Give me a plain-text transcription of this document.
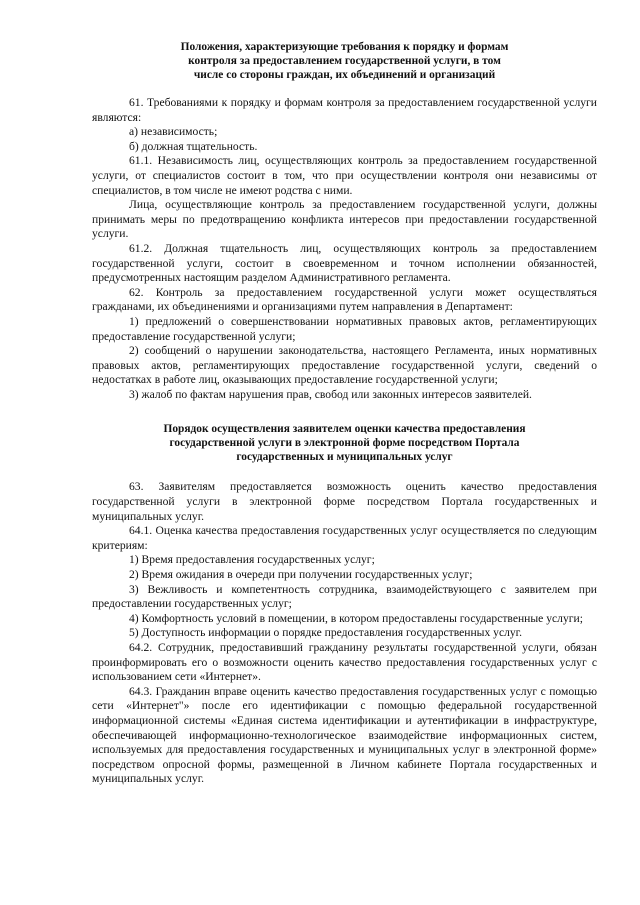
Положения, характеризующие требования к порядку и формам
контроля за предоставлением государственной услуги, в том
числе со стороны граждан, их объединений и организаций

61. Требованиями к порядку и формам контроля за предоставлением государственной услуги являются:

а) независимость;

б) должная тщательность.

61.1. Независимость лиц, осуществляющих контроль за предоставлением государственной услуги, от специалистов состоит в том, что при осуществлении контроля они независимы от специалистов, в том числе не имеют родства с ними.

Лица, осуществляющие контроль за предоставлением государственной услуги, должны принимать меры по предотвращению конфликта интересов при предоставлении государственной услуги.

61.2. Должная тщательность лиц, осуществляющих контроль за предоставлением государственной услуги, состоит в своевременном и точном исполнении обязанностей, предусмотренных настоящим разделом Административного регламента.

62. Контроль за предоставлением государственной услуги может осуществляться гражданами, их объединениями и организациями путем направления в Департамент:

1) предложений о совершенствовании нормативных правовых актов, регламентирующих предоставление государственной услуги;

2) сообщений о нарушении законодательства, настоящего Регламента, иных нормативных правовых актов, регламентирующих предоставление государственной услуги, сведений о недостатках в работе лиц, оказывающих предоставление государственной услуги;

3) жалоб по фактам нарушения прав, свобод или законных интересов заявителей.

Порядок осуществления заявителем оценки качества предоставления
государственной услуги в электронной форме посредством Портала
государственных и муниципальных услуг

63. Заявителям предоставляется возможность оценить качество предоставления государственной услуги в электронной форме посредством Портала государственных и муниципальных услуг.

64.1. Оценка качества предоставления государственных услуг осуществляется по следующим критериям:

1) Время предоставления государственных услуг;

2) Время ожидания в очереди при получении государственных услуг;

3) Вежливость и компетентность сотрудника, взаимодействующего с заявителем при предоставлении государственных услуг;

4) Комфортность условий в помещении, в котором предоставлены государственные услуги;

5) Доступность информации о порядке предоставления государственных услуг.

64.2. Сотрудник, предоставивший гражданину результаты государственной услуги, обязан проинформировать его о возможности оценить качество предоставления государственных услуг с использованием сети «Интернет».

64.3. Гражданин вправе оценить качество предоставления государственных услуг с помощью сети «Интернет"» после его идентификации с помощью федеральной государственной информационной системы «Единая система идентификации и аутентификации в инфраструктуре, обеспечивающей информационно-технологическое взаимодействие информационных систем, используемых для предоставления государственных и муниципальных услуг в электронной форме» посредством опросной формы, размещенной в Личном кабинете Портала государственных и муниципальных услуг.
